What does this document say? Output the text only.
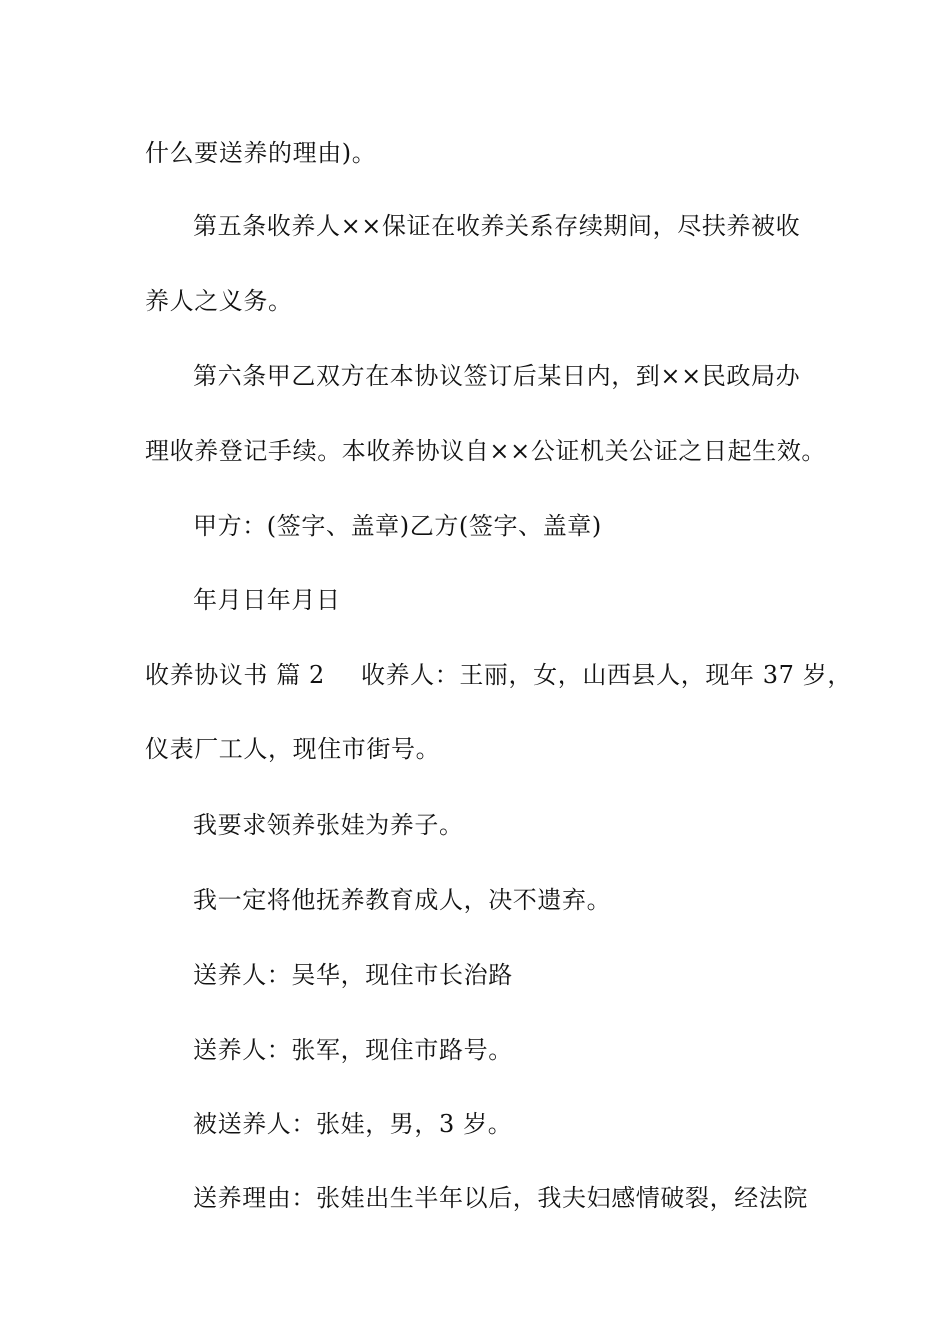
什么要送养的理由)。
第五条收养人××保证在收养关系存续期间，尽扶养被收
养人之义务。
第六条甲乙双方在本协议签订后某日内，到××民政局办
理收养登记手续。本收养协议自××公证机关公证之日起生效。
甲方：(签字、盖章)乙方(签字、盖章)
年月日年月日
收养协议书 篇 2 收养人：王丽，女，山西县人，现年 37 岁，
仪表厂工人，现住市街号。
我要求领养张娃为养子。
我一定将他抚养教育成人，决不遗弃。
送养人：吴华，现住市长治路
送养人：张军，现住市路号。
被送养人：张娃，男，3 岁。
送养理由：张娃出生半年以后，我夫妇感情破裂，经法院
